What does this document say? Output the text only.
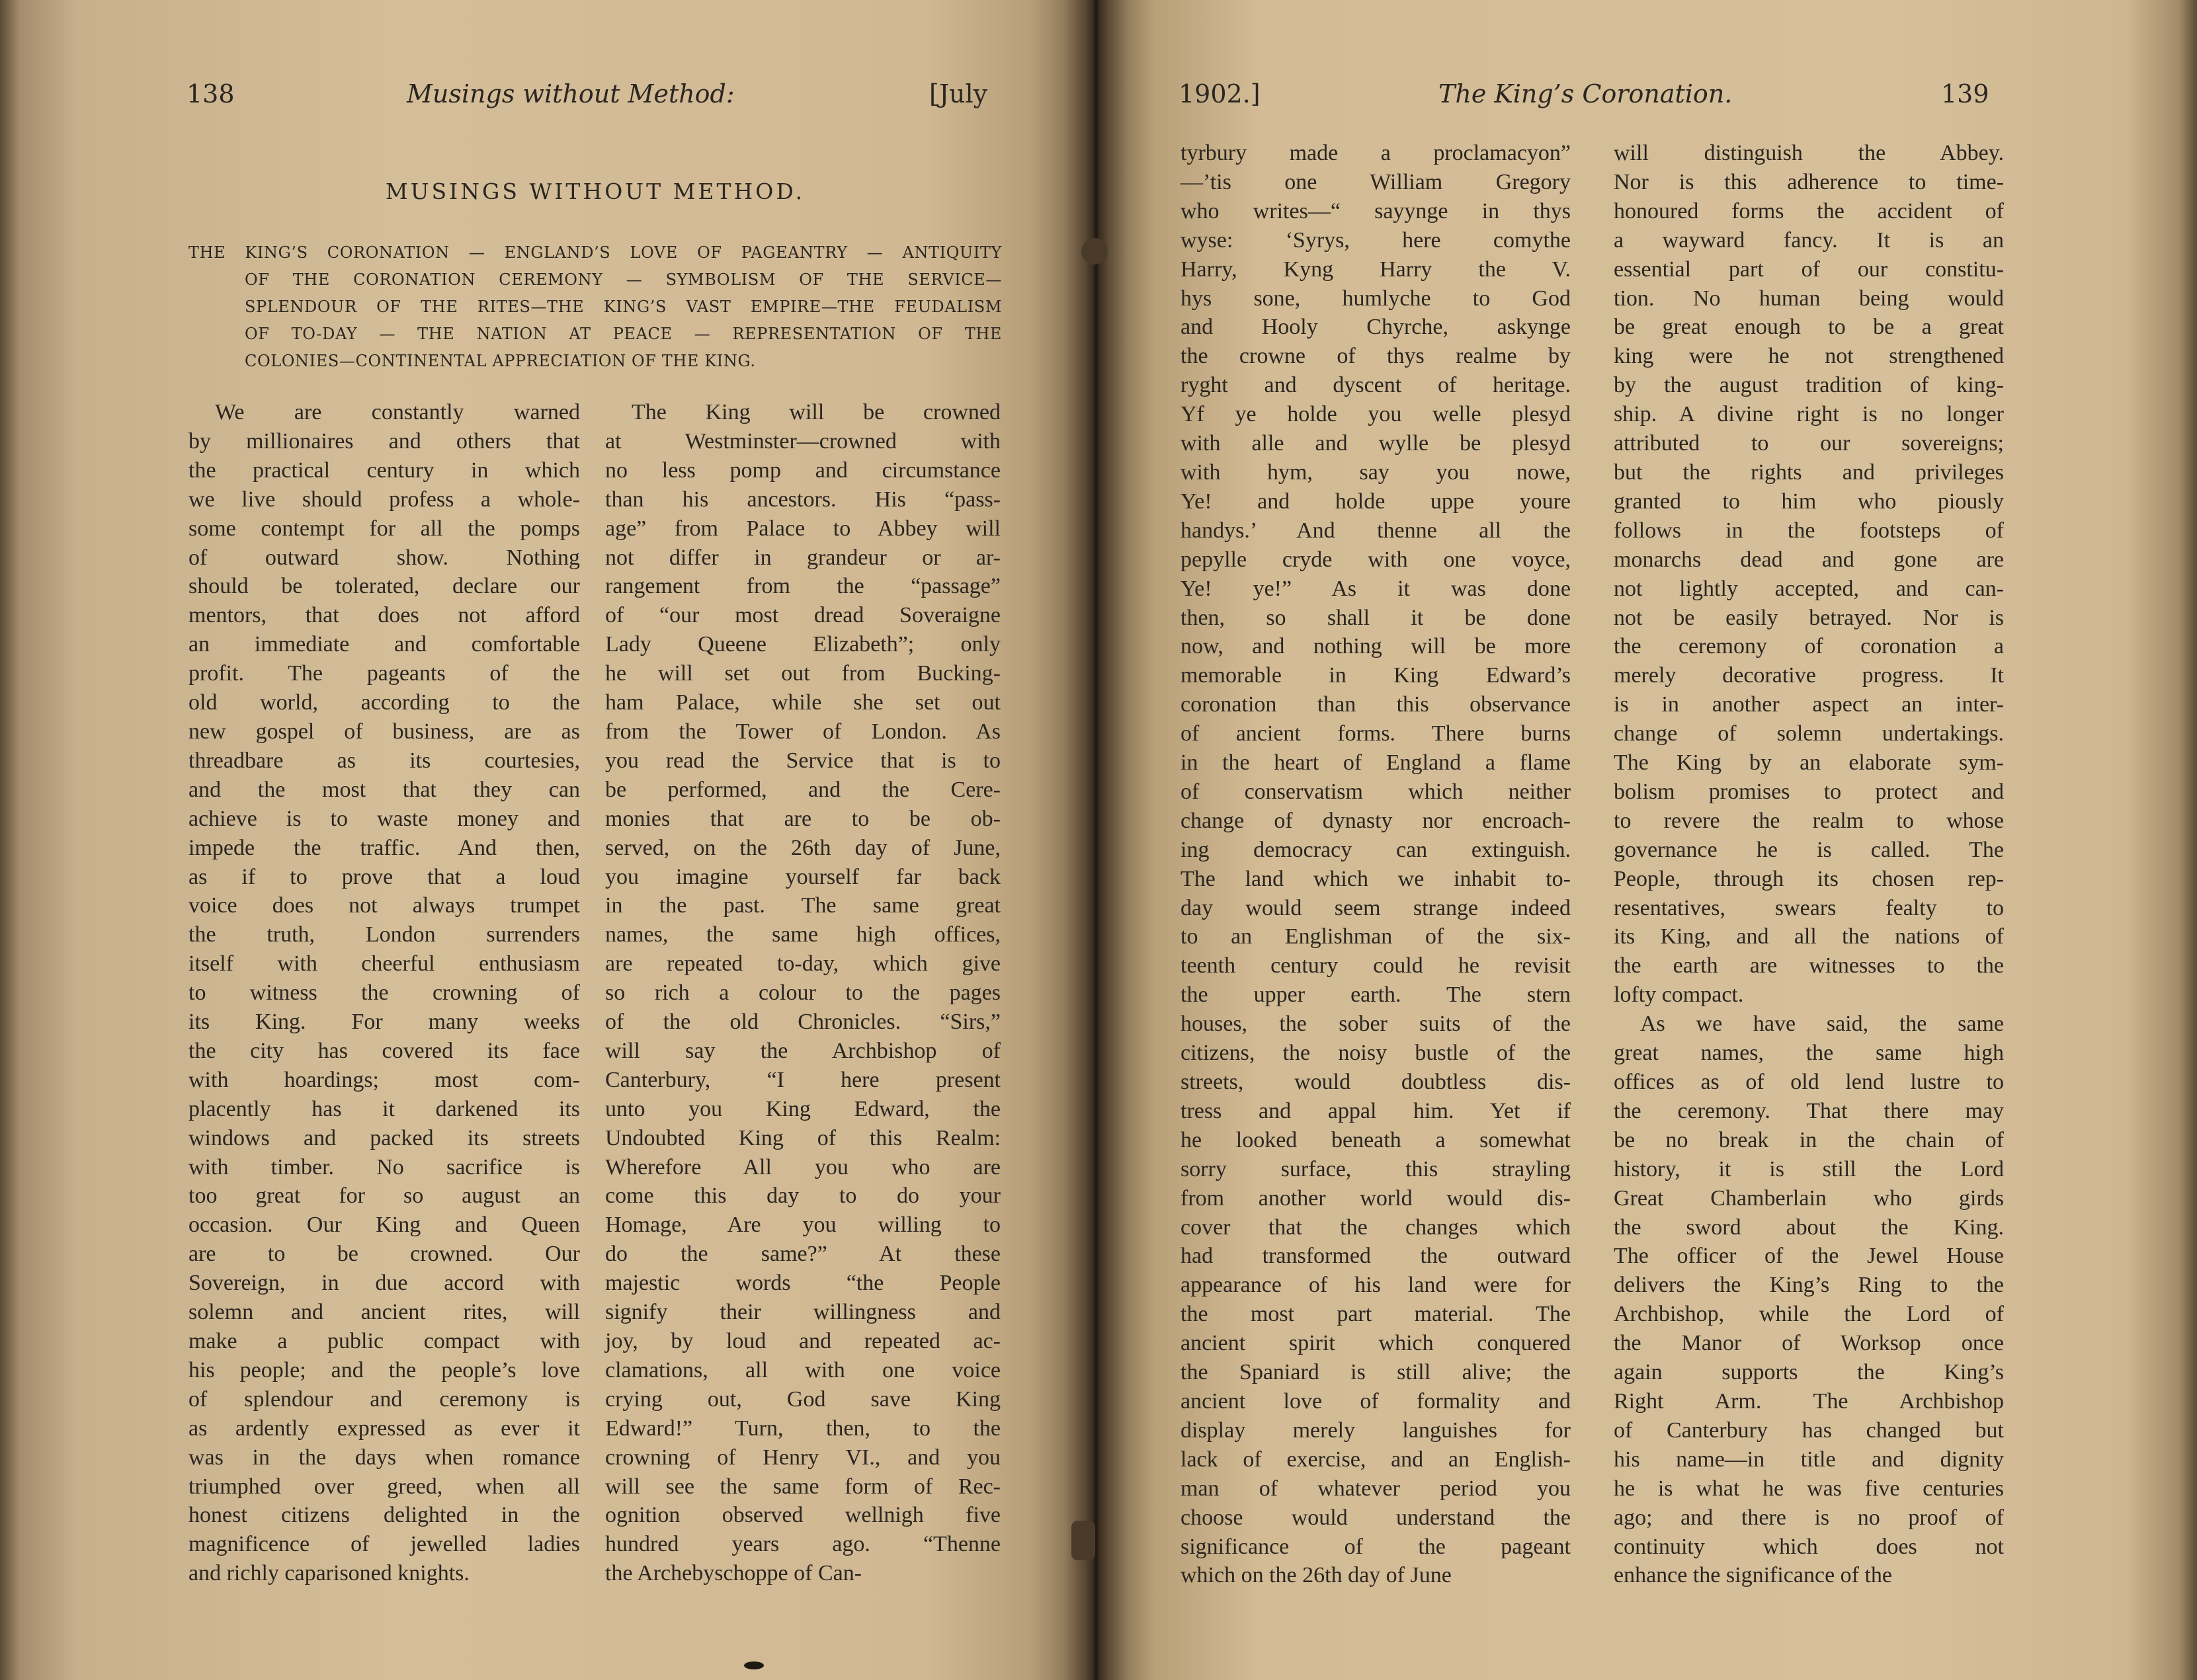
138	Musings without Method:	[July
MUSINGS WITHOUT METHOD.
THE KING’S CORONATION — ENGLAND’S LOVE OF PAGEANTRY — ANTIQUITY
OF THE CORONATION CEREMONY — SYMBOLISM OF THE SERVICE—
SPLENDOUR OF THE RITES—THE KING’S VAST EMPIRE—THE FEUDALISM
OF TO-DAY — THE NATION AT PEACE — REPRESENTATION OF THE
COLONIES—CONTINENTAL APPRECIATION OF THE KING.
We are constantly warned
by millionaires and others that
the practical century in which
we live should profess a whole-
some contempt for all the pomps
of outward show. Nothing
should be tolerated, declare our
mentors, that does not afford
an immediate and comfortable
profit. The pageants of the
old world, according to the
new gospel of business, are as
threadbare as its courtesies,
and the most that they can
achieve is to waste money and
impede the traffic. And then,
as if to prove that a loud
voice does not always trumpet
the truth, London surrenders
itself with cheerful enthusiasm
to witness the crowning of
its King. For many weeks
the city has covered its face
with hoardings; most com-
placently has it darkened its
windows and packed its streets
with timber. No sacrifice is
too great for so august an
occasion. Our King and Queen
are to be crowned. Our
Sovereign, in due accord with
solemn and ancient rites, will
make a public compact with
his people; and the people’s love
of splendour and ceremony is
as ardently expressed as ever it
was in the days when romance
triumphed over greed, when all
honest citizens delighted in the
magnificence of jewelled ladies
and richly caparisoned knights.
The King will be crowned
at Westminster—crowned with
no less pomp and circumstance
than his ancestors. His “pass-
age” from Palace to Abbey will
not differ in grandeur or ar-
rangement from the “passage”
of “our most dread Soveraigne
Lady Queene Elizabeth”; only
he will set out from Bucking-
ham Palace, while she set out
from the Tower of London. As
you read the Service that is to
be performed, and the Cere-
monies that are to be ob-
served, on the 26th day of June,
you imagine yourself far back
in the past. The same great
names, the same high offices,
are repeated to-day, which give
so rich a colour to the pages
of the old Chronicles. “Sirs,”
will say the Archbishop of
Canterbury, “I here present
unto you King Edward, the
Undoubted King of this Realm:
Wherefore All you who are
come this day to do your
Homage, Are you willing to
do the same?” At these
majestic words “the People
signify their willingness and
joy, by loud and repeated ac-
clamations, all with one voice
crying out, God save King
Edward!” Turn, then, to the
crowning of Henry VI., and you
will see the same form of Rec-
ognition observed wellnigh five
hundred years ago. “Thenne
the Archebyschoppe of Can-
1902.]	The King’s Coronation.	139
tyrbury made a proclamacyon”
—’tis one William Gregory
who writes—“ sayynge in thys
wyse: ‘Syrys, here comythe
Harry, Kyng Harry the V.
hys sone, humlyche to God
and Hooly Chyrche, askynge
the crowne of thys realme by
ryght and dyscent of heritage.
Yf ye holde you welle plesyd
with alle and wylle be plesyd
with hym, say you nowe,
Ye! and holde uppe youre
handys.’ And thenne all the
pepylle cryde with one voyce,
Ye! ye!” As it was done
then, so shall it be done
now, and nothing will be more
memorable in King Edward’s
coronation than this observance
of ancient forms. There burns
in the heart of England a flame
of conservatism which neither
change of dynasty nor encroach-
ing democracy can extinguish.
The land which we inhabit to-
day would seem strange indeed
to an Englishman of the six-
teenth century could he revisit
the upper earth. The stern
houses, the sober suits of the
citizens, the noisy bustle of the
streets, would doubtless dis-
tress and appal him. Yet if
he looked beneath a somewhat
sorry surface, this strayling
from another world would dis-
cover that the changes which
had transformed the outward
appearance of his land were for
the most part material. The
ancient spirit which conquered
the Spaniard is still alive; the
ancient love of formality and
display merely languishes for
lack of exercise, and an English-
man of whatever period you
choose would understand the
significance of the pageant
which on the 26th day of June
will distinguish the Abbey.
Nor is this adherence to time-
honoured forms the accident of
a wayward fancy. It is an
essential part of our constitu-
tion. No human being would
be great enough to be a great
king were he not strengthened
by the august tradition of king-
ship. A divine right is no longer
attributed to our sovereigns;
but the rights and privileges
granted to him who piously
follows in the footsteps of
monarchs dead and gone are
not lightly accepted, and can-
not be easily betrayed. Nor is
the ceremony of coronation a
merely decorative progress. It
is in another aspect an inter-
change of solemn undertakings.
The King by an elaborate sym-
bolism promises to protect and
to revere the realm to whose
governance he is called. The
People, through its chosen rep-
resentatives, swears fealty to
its King, and all the nations of
the earth are witnesses to the
lofty compact.
As we have said, the same
great names, the same high
offices as of old lend lustre to
the ceremony. That there may
be no break in the chain of
history, it is still the Lord
Great Chamberlain who girds
the sword about the King.
The officer of the Jewel House
delivers the King’s Ring to the
Archbishop, while the Lord of
the Manor of Worksop once
again supports the King’s
Right Arm. The Archbishop
of Canterbury has changed but
his name—in title and dignity
he is what he was five centuries
ago; and there is no proof of
continuity which does not
enhance the significance of the
